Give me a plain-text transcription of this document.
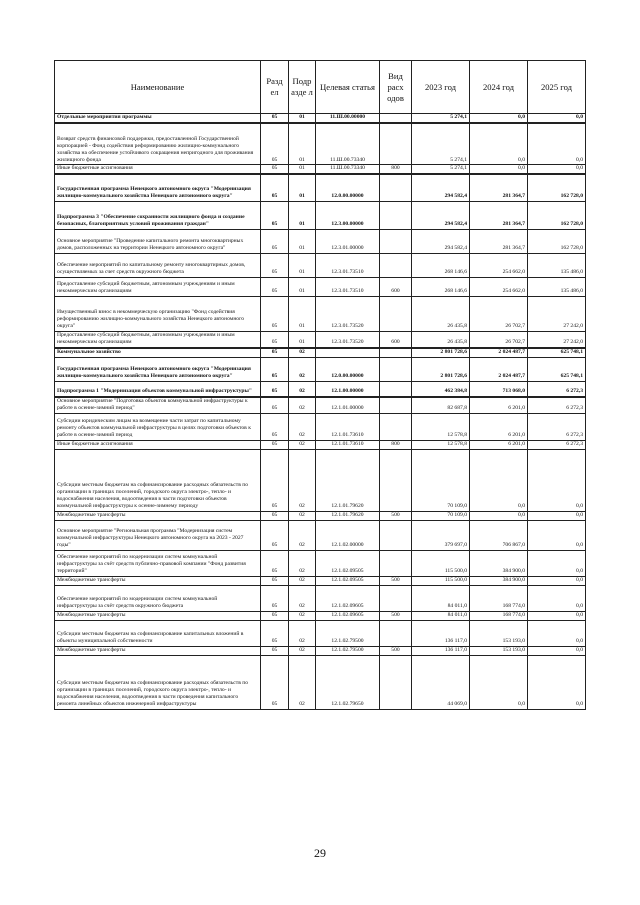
Наименование	Разд ел	Подр азде л	Целевая статья	Вид расх одов	2023 год	2024 год	2025 год
Отдельные мероприятия программы	05	01	11.Ш.00.00000		5 274,1	0,0	0,0
Возврат средств финансовой поддержки, предоставленной Государственной корпорацией - Фонд содействия реформированию жилищно-коммунального хозяйства на обеспечение устойчивого сокращения непригодного для проживания жилищного фонда	05	01	11.Ш.00.73340		5 274,1	0,0	0,0
Иные бюджетные ассигнования	05	01	11.Ш.00.73340	800	5 274,1	0,0	0,0
Государственная программа Ненецкого автономного округа "Модернизация жилищно-коммунального хозяйства Ненецкого автономного округа"	05	01	12.0.00.00000		294 582,4	281 364,7	162 728,0
Подпрограмма 3 "Обеспечение сохранности жилищного фонда и создание безопасных, благоприятных условий проживания граждан"	05	01	12.3.00.00000		294 582,4	281 364,7	162 728,0
Основное мероприятие "Проведение капитального ремонта многоквартирных домов, расположенных на территории Ненецкого автономного округа"	05	01	12.3.01.00000		294 582,4	281 364,7	162 728,0
Обеспечение мероприятий по капитальному ремонту многоквартирных домов, осуществляемых за счет средств окружного бюджета	05	01	12.3.01.73510		268 146,6	254 662,0	135 486,0
Предоставление субсидий бюджетным, автономным учреждениям и иным некоммерческим организациям	05	01	12.3.01.73510	600	268 146,6	254 662,0	135 486,0
Имущественный взнос в некоммерческую организацию "Фонд содействия реформированию жилищно-коммунального хозяйства Ненецкого автономного округа"	05	01	12.3.01.73520		26 435,8	26 702,7	27 242,0
Предоставление субсидий бюджетным, автономным учреждениям и иным некоммерческим организациям	05	01	12.3.01.73520	600	26 435,8	26 702,7	27 242,0
Коммунальное хозяйство	05	02			2 801 728,6	2 024 487,7	625 748,1
Государственная программа Ненецкого автономного округа "Модернизация жилищно-коммунального хозяйства Ненецкого автономного округа"	05	02	12.0.00.00000		2 801 728,6	2 024 487,7	625 748,1
Подпрограмма 1 "Модернизация объектов коммунальной инфраструктуры"	05	02	12.1.00.00000		462 384,8	713 068,0	6 272,3
Основное мероприятие "Подготовка объектов коммунальной инфраструктуры к работе в осенне-зимний период"	05	02	12.1.01.00000		82 687,8	6 201,0	6 272,3
Субсидии юридическим лицам на возмещение части затрат по капитальному ремонту объектов коммунальной инфраструктуры в целях подготовки объектов к работе в осенне-зимний период	05	02	12.1.01.73610		12 578,8	6 201,0	6 272,3
Иные бюджетные ассигнования	05	02	12.1.01.73610	800	12 578,8	6 201,0	6 272,3
Субсидии местным бюджетам на софинансирование расходных обязательств по организации в границах поселений, городского округа электро-, тепло- и водоснабжения населения, водоотведения в части подготовки объектов коммунальной инфраструктуры к осенне-зимнему периоду	05	02	12.1.01.79620		70 109,0	0,0	0,0
Межбюджетные трансферты	05	02	12.1.01.79620	500	70 109,0	0,0	0,0
Основное мероприятие "Региональная программа "Модернизация систем коммунальной инфраструктуры Ненецкого автономного округа на 2023 - 2027 годы"	05	02	12.1.02.00000		379 697,0	706 867,0	0,0
Обеспечение мероприятий по модернизации систем коммунальной инфраструктуры за счёт средств публично-правовой компании "Фонд развития территорий"	05	02	12.1.02.09505		115 500,0	384 900,0	0,0
Межбюджетные трансферты	05	02	12.1.02.09505	500	115 500,0	384 900,0	0,0
Обеспечение мероприятий по модернизации систем коммунальной инфраструктуры за счёт средств окружного бюджета	05	02	12.1.02.09605		84 011,0	168 774,0	0,0
Межбюджетные трансферты	05	02	12.1.02.09605	500	84 011,0	168 774,0	0,0
Субсидии местным бюджетам на софинансирование капитальных вложений в объекты муниципальной собственности	05	02	12.1.02.79500		136 117,0	153 193,0	0,0
Межбюджетные трансферты	05	02	12.1.02.79500	500	136 117,0	153 193,0	0,0
Субсидии местным бюджетам на софинансирование расходных обязательств по организации в границах поселений, городского округа электро-, тепло- и водоснабжения населения, водоотведения в части проведения капитального ремонта линейных объектов инженерной инфраструктуры	05	02	12.1.02.79650		44 069,0	0,0	0,0
29
